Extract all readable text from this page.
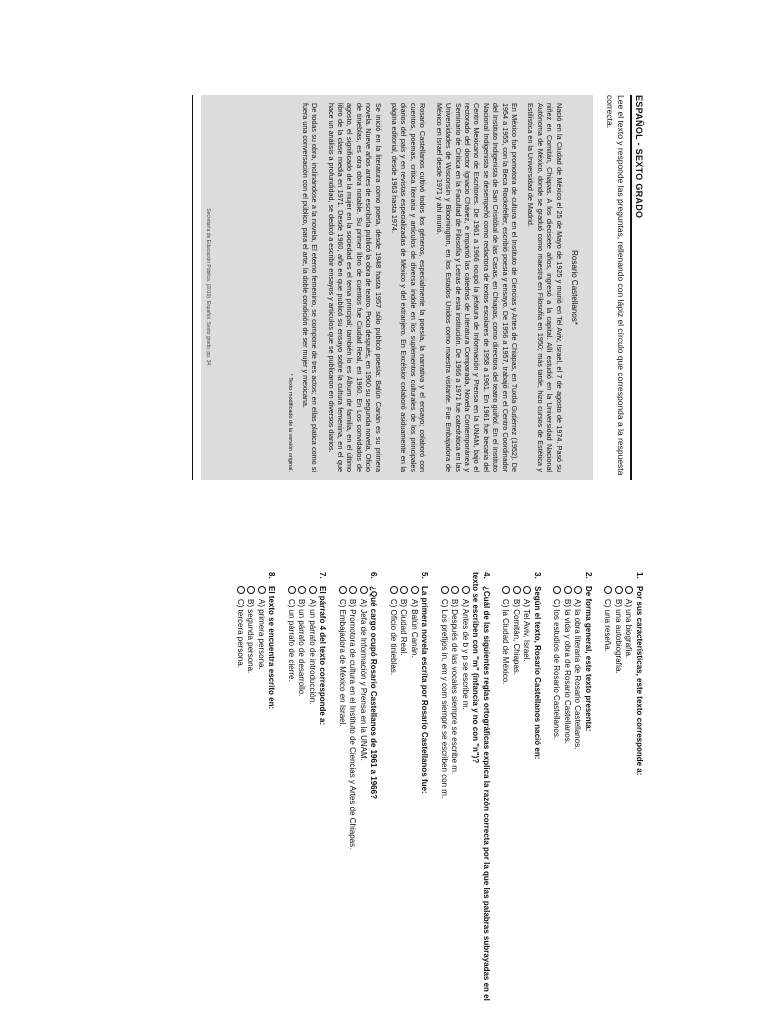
ESPAÑOL - SEXTO GRADO
Lee el texto y responde las preguntas, rellenando con lápiz el círculo que corresponda a la respuesta correcta.
Rosario Castellanos*

Nació en la Ciudad de México el 25 de Mayo de 1925 y murió en Tel Aviv, Israel, el 7 de agosto de 1974. Pasó su niñez en Comitán, Chiapas. A los diecisiete años, ingresó a la capital. Allí estudió en la Universidad Nacional Autónoma de México, donde se graduó como maestra en Filosofía en 1950; más tarde, hizo cursos de Estética y Estilística en la Universidad de Madrid.

En México fue promotora de cultura en el Instituto de Ciencias y Artes de Chiapas, en Tuxtla Gutiérrez (1952). De 1954 a 1955, con la Beca Rockefeller, escribió poesía y ensayo. De 1956 a 1957, trabajó en el Centro Coordinador del Instituto Indigenista de San Cristóbal de las Casas, en Chiapas, como directora del teatro guiñol. En el Instituto Nacional Indigenista se desempeñó como redactora de textos escolares de 1958 a 1961. En 1961 fue becaria del Centro Mexicano de Escritores. De 1961 a 1966 ocupó la jefatura de Información y Prensa en la UNAM, bajo el rectorado del doctor Ignacio Chávez, e impartió las cátedras de Literatura Comparada, Novela Contemporánea y Seminario de Crítica en la Facultad de Filosofía y Letras de esta institución. De 1966 a 1971 fue catedrática en las Universidades de Wisconsin y Bloomington, en los Estados Unidos como maestra visitante. Fue Embajadora de México en Israel desde 1971 y ahí murió.

Rosario Castellanos cultivó todos los géneros, especialmente la poesía, la narrativa y el ensayo; colaboró con cuentos, poemas, crítica literaria y artículos de diversa índole en los suplementos culturales de los principales diarios del país y en revistas especializadas de México y del extranjero. En Excélsior colaboró asiduamente en la página editorial, desde 1963 hasta 1974.

Se inició en la literatura como poeta, desde 1948 hasta 1957 sólo publicó poesía: Balún Canán es su primera novela. Nueve años antes de escribirla publicó la obra de teatro. Poco después, en 1960 su segunda novela, Oficio de tinieblas, es otra obra notable. Su primer libro de cuentos fue Ciudad Real, en 1960. En Los convidados de agosto, el significado de la mujer en la sociedad es el tema principal; también lo es Álbum de familia, en el último libro de la clase media en 1971. Desde 1960, año en que publicó su ensayo sobre la cultura femenina, en el que hace un análisis a profundidad, se dedicó a escribir ensayos y artículos que se publicaron en diversos diarios.

De todas su obra, inclinándose a la novela, El eterno femenino, se compone de tres actos; en ellas platica como si fuera una conversación con el público, para el arte, la doble condición de ser mujer y mexicana.

* Texto modificado de la versión original.
Secretaría de Educación Pública. (2010). Español. Sexto grado, pp. 34.
1.Por sus características, este texto corresponde a:
A) una biografía.
B) una autobiografía.
C) una reseña.
2.De forma general, este texto presenta:
A) la obra literaria de Rosario Castellanos.
B) la vida y obra de Rosario Castellanos.
C) los estudios de Rosario Castellanos.
3.Según el texto, Rosario Castellanos nació en:
A) Tel Aviv, Israel.
B) Comitán, Chiapas.
C) la Ciudad de México.
4.¿Cuál de las siguientes reglas ortográficas explica la razón correcta por la que las palabras subrayadas en el texto se escriben con "m" (infancia y no con "n")?
A) Antes de b y p se escribe m.
B) Después de las vocales siempre se escribe m.
C) Los prefijos in, em y com siempre se escriben con m.
5.La primera novela escrita por Rosario Castellanos fue:
A) Balún Canán.
B) Ciudad Real.
C) Oficio de tinieblas.
6.¿Qué cargo ocupó Rosario Castellanos de 1961 a 1966?
A) Jefa de Información y Prensa en la UNAM.
B) Promotora de cultura en el Instituto de Ciencias y Artes de Chiapas.
C) Embajadora de México en Israel.
7.El párrafo 4 del texto corresponde a:
A) un párrafo de introducción.
B) un párrafo de desarrollo.
C) un párrafo de cierre.
8.El texto se encuentra escrito en:
A) primera persona.
B) segunda persona.
C) tercera persona.
